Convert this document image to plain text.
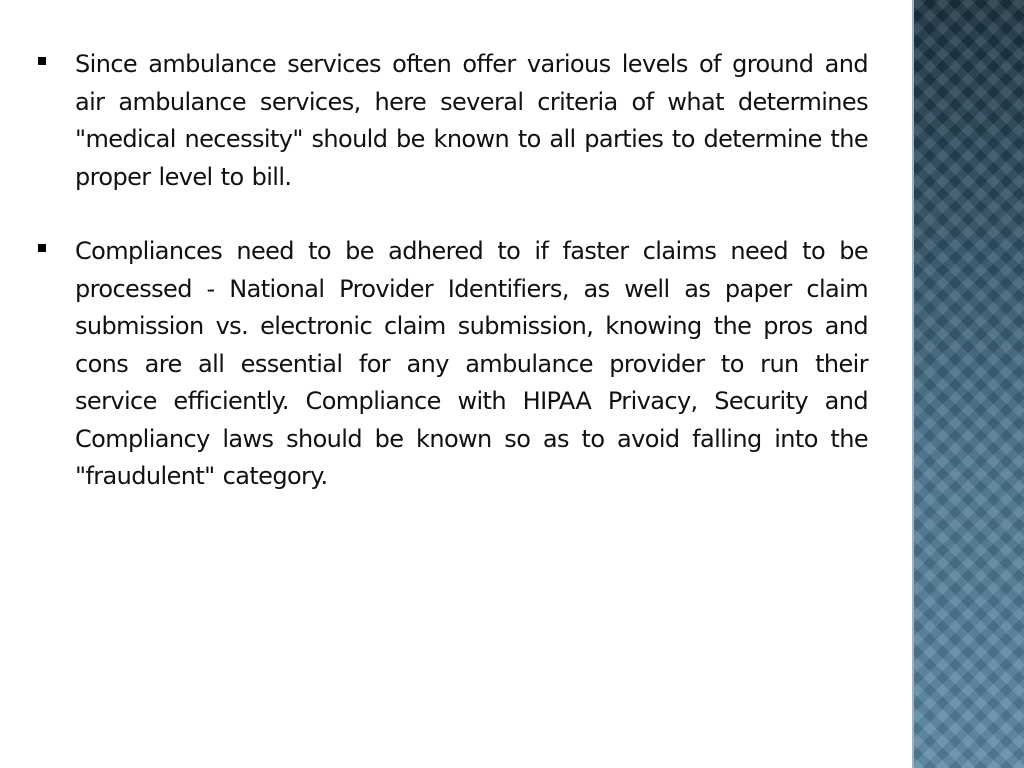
Since ambulance services often offer various levels of ground and air ambulance services, here several criteria of what determines "medical necessity" should be known to all parties to determine the proper level to bill.
Compliances need to be adhered to if faster claims need to be processed - National Provider Identifiers, as well as paper claim submission vs. electronic claim submission, knowing the pros and cons are all essential for any ambulance provider to run their service efficiently. Compliance with HIPAA Privacy, Security and Compliancy laws should be known so as to avoid falling into the "fraudulent" category.
